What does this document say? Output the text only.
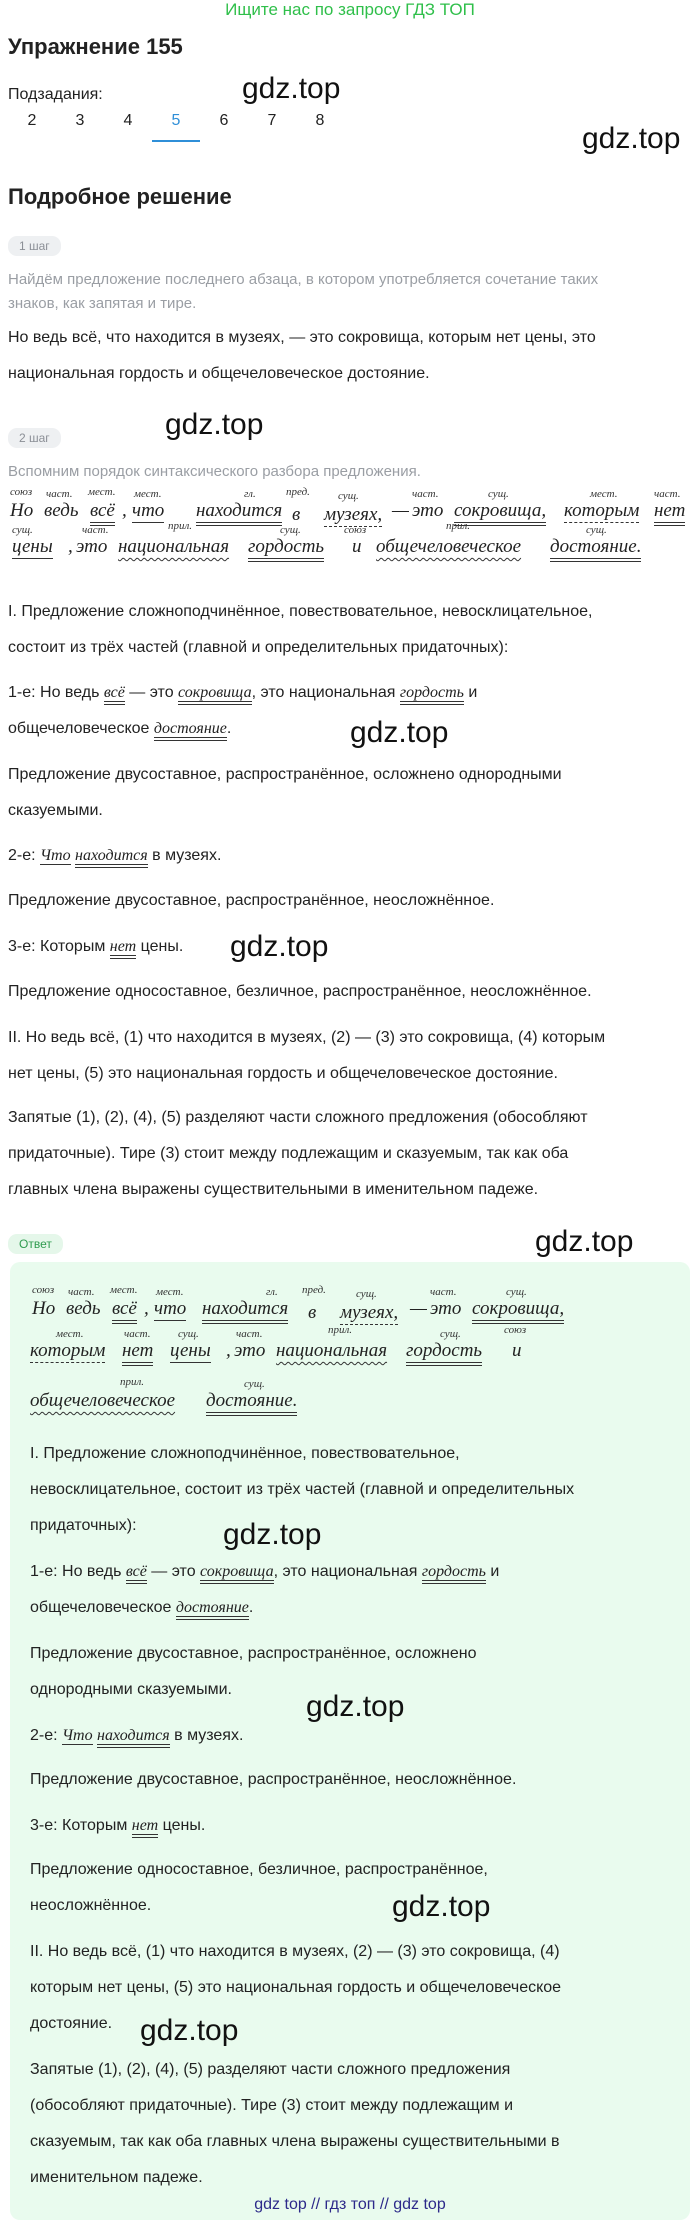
Ищите нас по запросу ГДЗ ТОП
Упражнение 155
Подзадания:	gdz.top
2	3	4	5	6	7	8
gdz.top
Подробное решение
1 шаг
Найдём предложение последнего абзаца, в котором употребляется сочетание таких
знаков, как запятая и тире.
Но ведь всё, что находится в музеях, — это сокровища, которым нет цены, это
национальная гордость и общечеловеческое достояние.
gdz.top
2 шаг
Вспомним порядок синтаксического разбора предложения.
союз
Но
част.
ведь
мест.
всё ,
мест.
что
гл.
находится
пред.
в
сущ.
музеях, —
част.
это
сущ.
сокровища,
мест.
которым
част.
нет
сущ.
цены ,
част.
это
прил.
национальная
сущ.
гордость
союз
и
прил.
общечеловеческое
сущ.
достояние.
I. Предложение сложноподчинённое, повествовательное, невосклицательное,
состоит из трёх частей (главной и определительных придаточных):
1-е: Но ведь всё — это сокровища, это национальная гордость и
общечеловеческое достояние.	gdz.top
Предложение двусоставное, распространённое, осложнено однородными
сказуемыми.
2-е: Что находится в музеях.
Предложение двусоставное, распространённое, неосложнённое.
3-е: Которым нет цены. gdz.top
Предложение односоставное, безличное, распространённое, неосложнённое.
II. Но ведь всё, (1) что находится в музеях, (2) — (3) это сокровища, (4) которым
нет цены, (5) это национальная гордость и общечеловеческое достояние.
Запятые (1), (2), (4), (5) разделяют части сложного предложения (обособляют
придаточные). Тире (3) стоит между подлежащим и сказуемым, так как оба
главных члена выражены существительными в именительном падеже.
Ответ	gdz.top
союз
Но
част.
ведь
мест.
всё ,
мест.
что
гл.
находится
пред.
в
сущ.
музеях, —
част.
это
сущ.
сокровища,
мест.
которым
част.
нет
сущ.
цены ,
част.
это
прил.
национальная
сущ.
гордость
союз
и
прил.
общечеловеческое
сущ.
достояние.
I. Предложение сложноподчинённое, повествовательное,
невосклицательное, состоит из трёх частей (главной и определительных
придаточных):	gdz.top
1-е: Но ведь всё — это сокровища, это национальная гордость и
общечеловеческое достояние.
Предложение двусоставное, распространённое, осложнено
однородными сказуемыми.
gdz.top
2-е: Что находится в музеях.
Предложение двусоставное, распространённое, неосложнённое.
3-е: Которым нет цены.
Предложение односоставное, безличное, распространённое,
неосложнённое.	gdz.top
II. Но ведь всё, (1) что находится в музеях, (2) — (3) это сокровища, (4)
которым нет цены, (5) это национальная гордость и общечеловеческое
достояние. gdz.top
Запятые (1), (2), (4), (5) разделяют части сложного предложения
(обособляют придаточные). Тире (3) стоит между подлежащим и
сказуемым, так как оба главных члена выражены существительными в
именительном падеже.
gdz top // гдз топ // gdz top
